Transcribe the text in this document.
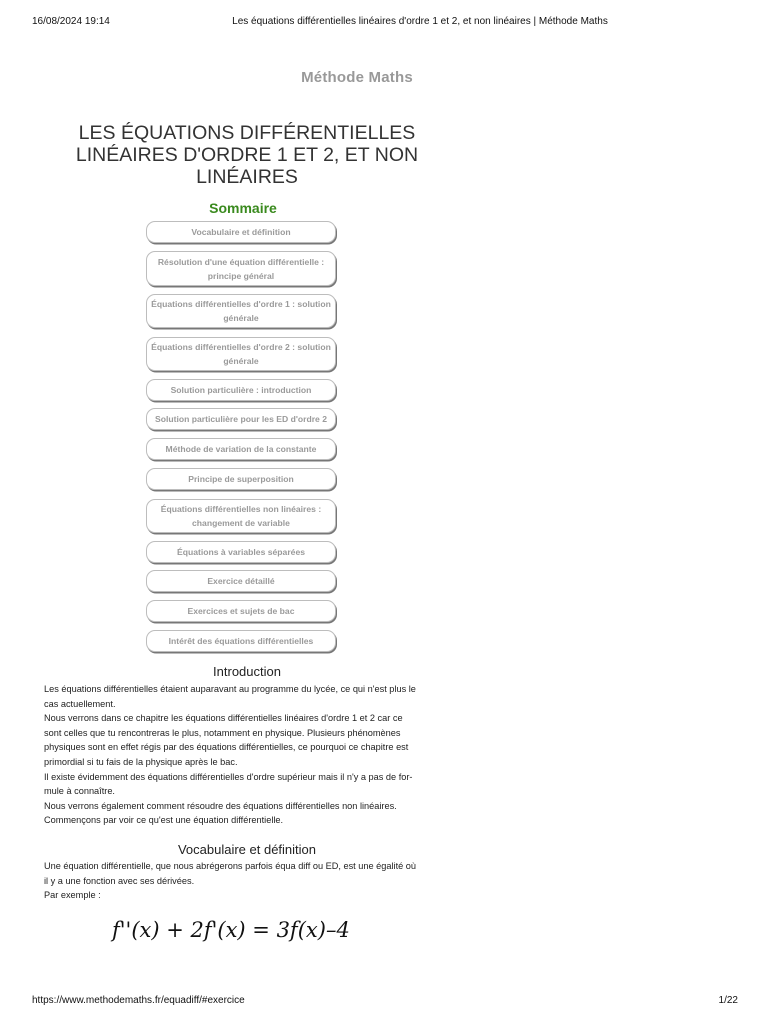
16/08/2024 19:14	Les équations différentielles linéaires d'ordre 1 et 2, et non linéaires | Méthode Maths
Méthode Maths
LES ÉQUATIONS DIFFÉRENTIELLES
LINÉAIRES D'ORDRE 1 ET 2, ET NON
LINÉAIRES
Sommaire
Vocabulaire et définition
Résolution d'une équation différentielle : principe général
Équations différentielles d'ordre 1 : solution générale
Équations différentielles d'ordre 2 : solution générale
Solution particulière : introduction
Solution particulière pour les ED d'ordre 2
Méthode de variation de la constante
Principe de superposition
Équations différentielles non linéaires : changement de variable
Équations à variables séparées
Exercice détaillé
Exercices et sujets de bac
Intérêt des équations différentielles
Introduction
Les équations différentielles étaient auparavant au programme du lycée, ce qui n'est plus le
cas actuellement.
Nous verrons dans ce chapitre les équations différentielles linéaires d'ordre 1 et 2 car ce
sont celles que tu rencontreras le plus, notamment en physique. Plusieurs phénomènes
physiques sont en effet régis par des équations différentielles, ce pourquoi ce chapitre est
primordial si tu fais de la physique après le bac.
Il existe évidemment des équations différentielles d'ordre supérieur mais il n'y a pas de for-
mule à connaître.
Nous verrons également comment résoudre des équations différentielles non linéaires.
Commençons par voir ce qu'est une équation différentielle.
Vocabulaire et définition
Une équation différentielle, que nous abrégerons parfois équa diff ou ED, est une égalité où
il y a une fonction avec ses dérivées.
Par exemple :
f''(x) + 2f'(x) = 3f(x)–4
https://www.methodemaths.fr/equadiff/#exercice	1/22
